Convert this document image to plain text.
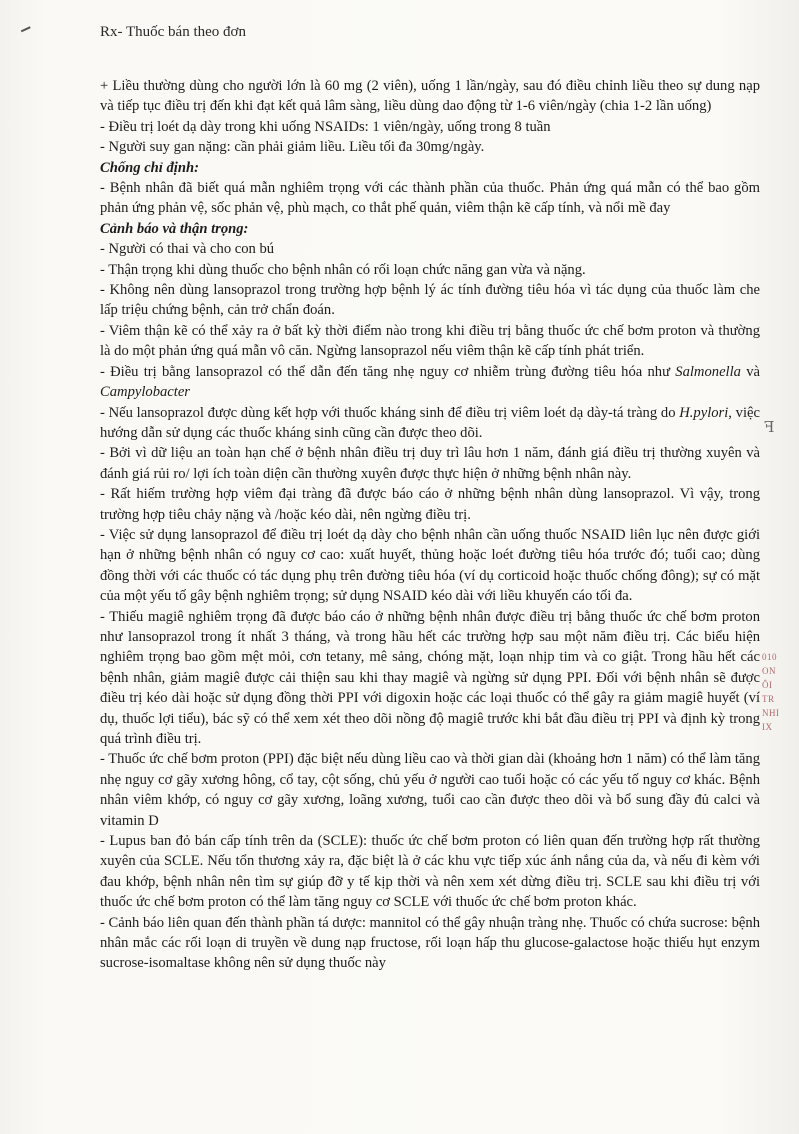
Rx- Thuốc bán theo đơn

+ Liều thường dùng cho người lớn là 60 mg (2 viên), uống 1 lần/ngày, sau đó điều chỉnh liều theo sự dung nạp và tiếp tục điều trị đến khi đạt kết quả lâm sàng, liều dùng dao động từ 1-6 viên/ngày (chia 1-2 lần uống)

- Điều trị loét dạ dày trong khi uống NSAIDs: 1 viên/ngày, uống trong 8 tuần

- Người suy gan nặng: cần phải giảm liều. Liều tối đa 30mg/ngày.

Chống chỉ định:

- Bệnh nhân đã biết quá mẫn nghiêm trọng với các thành phần của thuốc. Phản ứng quá mẫn có thể bao gồm phản ứng phản vệ, sốc phản vệ, phù mạch, co thắt phế quản, viêm thận kẽ cấp tính, và nổi mề đay

Cảnh báo và thận trọng:

- Người có thai và cho con bú

- Thận trọng khi dùng thuốc cho bệnh nhân có rối loạn chức năng gan vừa và nặng.

- Không nên dùng lansoprazol trong trường hợp bệnh lý ác tính đường tiêu hóa vì tác dụng của thuốc làm che lấp triệu chứng bệnh, cản trở chẩn đoán.

- Viêm thận kẽ có thể xảy ra ở bất kỳ thời điểm nào trong khi điều trị bằng thuốc ức chế bơm proton và thường là do một phản ứng quá mẫn vô căn. Ngừng lansoprazol nếu viêm thận kẽ cấp tính phát triển.

- Điều trị bằng lansoprazol có thể dẫn đến tăng nhẹ nguy cơ nhiễm trùng đường tiêu hóa như Salmonella và Campylobacter

- Nếu lansoprazol được dùng kết hợp với thuốc kháng sinh để điều trị viêm loét dạ dày-tá tràng do H.pylori, việc hướng dẫn sử dụng các thuốc kháng sinh cũng cần được theo dõi.

- Bởi vì dữ liệu an toàn hạn chế ở bệnh nhân điều trị duy trì lâu hơn 1 năm, đánh giá điều trị thường xuyên và đánh giá rủi ro/ lợi ích toàn diện cần thường xuyên được thực hiện ở những bệnh nhân này.

- Rất hiếm trường hợp viêm đại tràng đã được báo cáo ở những bệnh nhân dùng lansoprazol. Vì vậy, trong trường hợp tiêu chảy nặng và /hoặc kéo dài, nên ngừng điều trị.

- Việc sử dụng lansoprazol để điều trị loét dạ dày cho bệnh nhân cần uống thuốc NSAID liên lục nên được giới hạn ở những bệnh nhân có nguy cơ cao: xuất huyết, thủng hoặc loét đường tiêu hóa trước đó; tuổi cao; dùng đồng thời với các thuốc có tác dụng phụ trên đường tiêu hóa (ví dụ corticoid hoặc thuốc chống đông); sự có mặt của một yếu tố gây bệnh nghiêm trọng; sử dụng NSAID kéo dài với liều khuyến cáo tối đa.

- Thiếu magiê nghiêm trọng đã được báo cáo ở những bệnh nhân được điều trị bằng thuốc ức chế bơm proton như lansoprazol trong ít nhất 3 tháng, và trong hầu hết các trường hợp sau một năm điều trị. Các biểu hiện nghiêm trọng bao gồm mệt mỏi, cơn tetany, mê sảng, chóng mặt, loạn nhịp tim và co giật. Trong hầu hết các bệnh nhân, giảm magiê được cải thiện sau khi thay magiê và ngừng sử dụng PPI. Đối với bệnh nhân sẽ được điều trị kéo dài hoặc sử dụng đồng thời PPI với digoxin hoặc các loại thuốc có thể gây ra giảm magiê huyết (ví dụ, thuốc lợi tiểu), bác sỹ có thể xem xét theo dõi nồng độ magiê trước khi bắt đầu điều trị PPI và định kỳ trong quá trình điều trị.

- Thuốc ức chế bơm proton (PPI) đặc biệt nếu dùng liều cao và thời gian dài (khoảng hơn 1 năm) có thể làm tăng nhẹ nguy cơ gãy xương hông, cổ tay, cột sống, chủ yếu ở người cao tuổi hoặc có các yếu tố nguy cơ khác. Bệnh nhân viêm khớp, có nguy cơ gãy xương, loãng xương, tuổi cao cần được theo dõi và bổ sung đầy đủ calci và vitamin D

- Lupus ban đỏ bán cấp tính trên da (SCLE): thuốc ức chế bơm proton có liên quan đến trường hợp rất thường xuyên của SCLE. Nếu tổn thương xảy ra, đặc biệt là ở các khu vực tiếp xúc ánh nắng của da, và nếu đi kèm với đau khớp, bệnh nhân nên tìm sự giúp đỡ y tế kịp thời và nên xem xét dừng điều trị. SCLE sau khi điều trị với thuốc ức chế bơm proton có thể làm tăng nguy cơ SCLE với thuốc ức chế bơm proton khác.

- Cảnh báo liên quan đến thành phần tá dược: mannitol có thể gây nhuận tràng nhẹ. Thuốc có chứa sucrose: bệnh nhân mắc các rối loạn di truyền về dung nạp fructose, rối loạn hấp thu glucose-galactose hoặc thiếu hụt enzym sucrose-isomaltase không nên sử dụng thuốc này

ꟻ
010
ON
ÔI
TR
NHI
IX
